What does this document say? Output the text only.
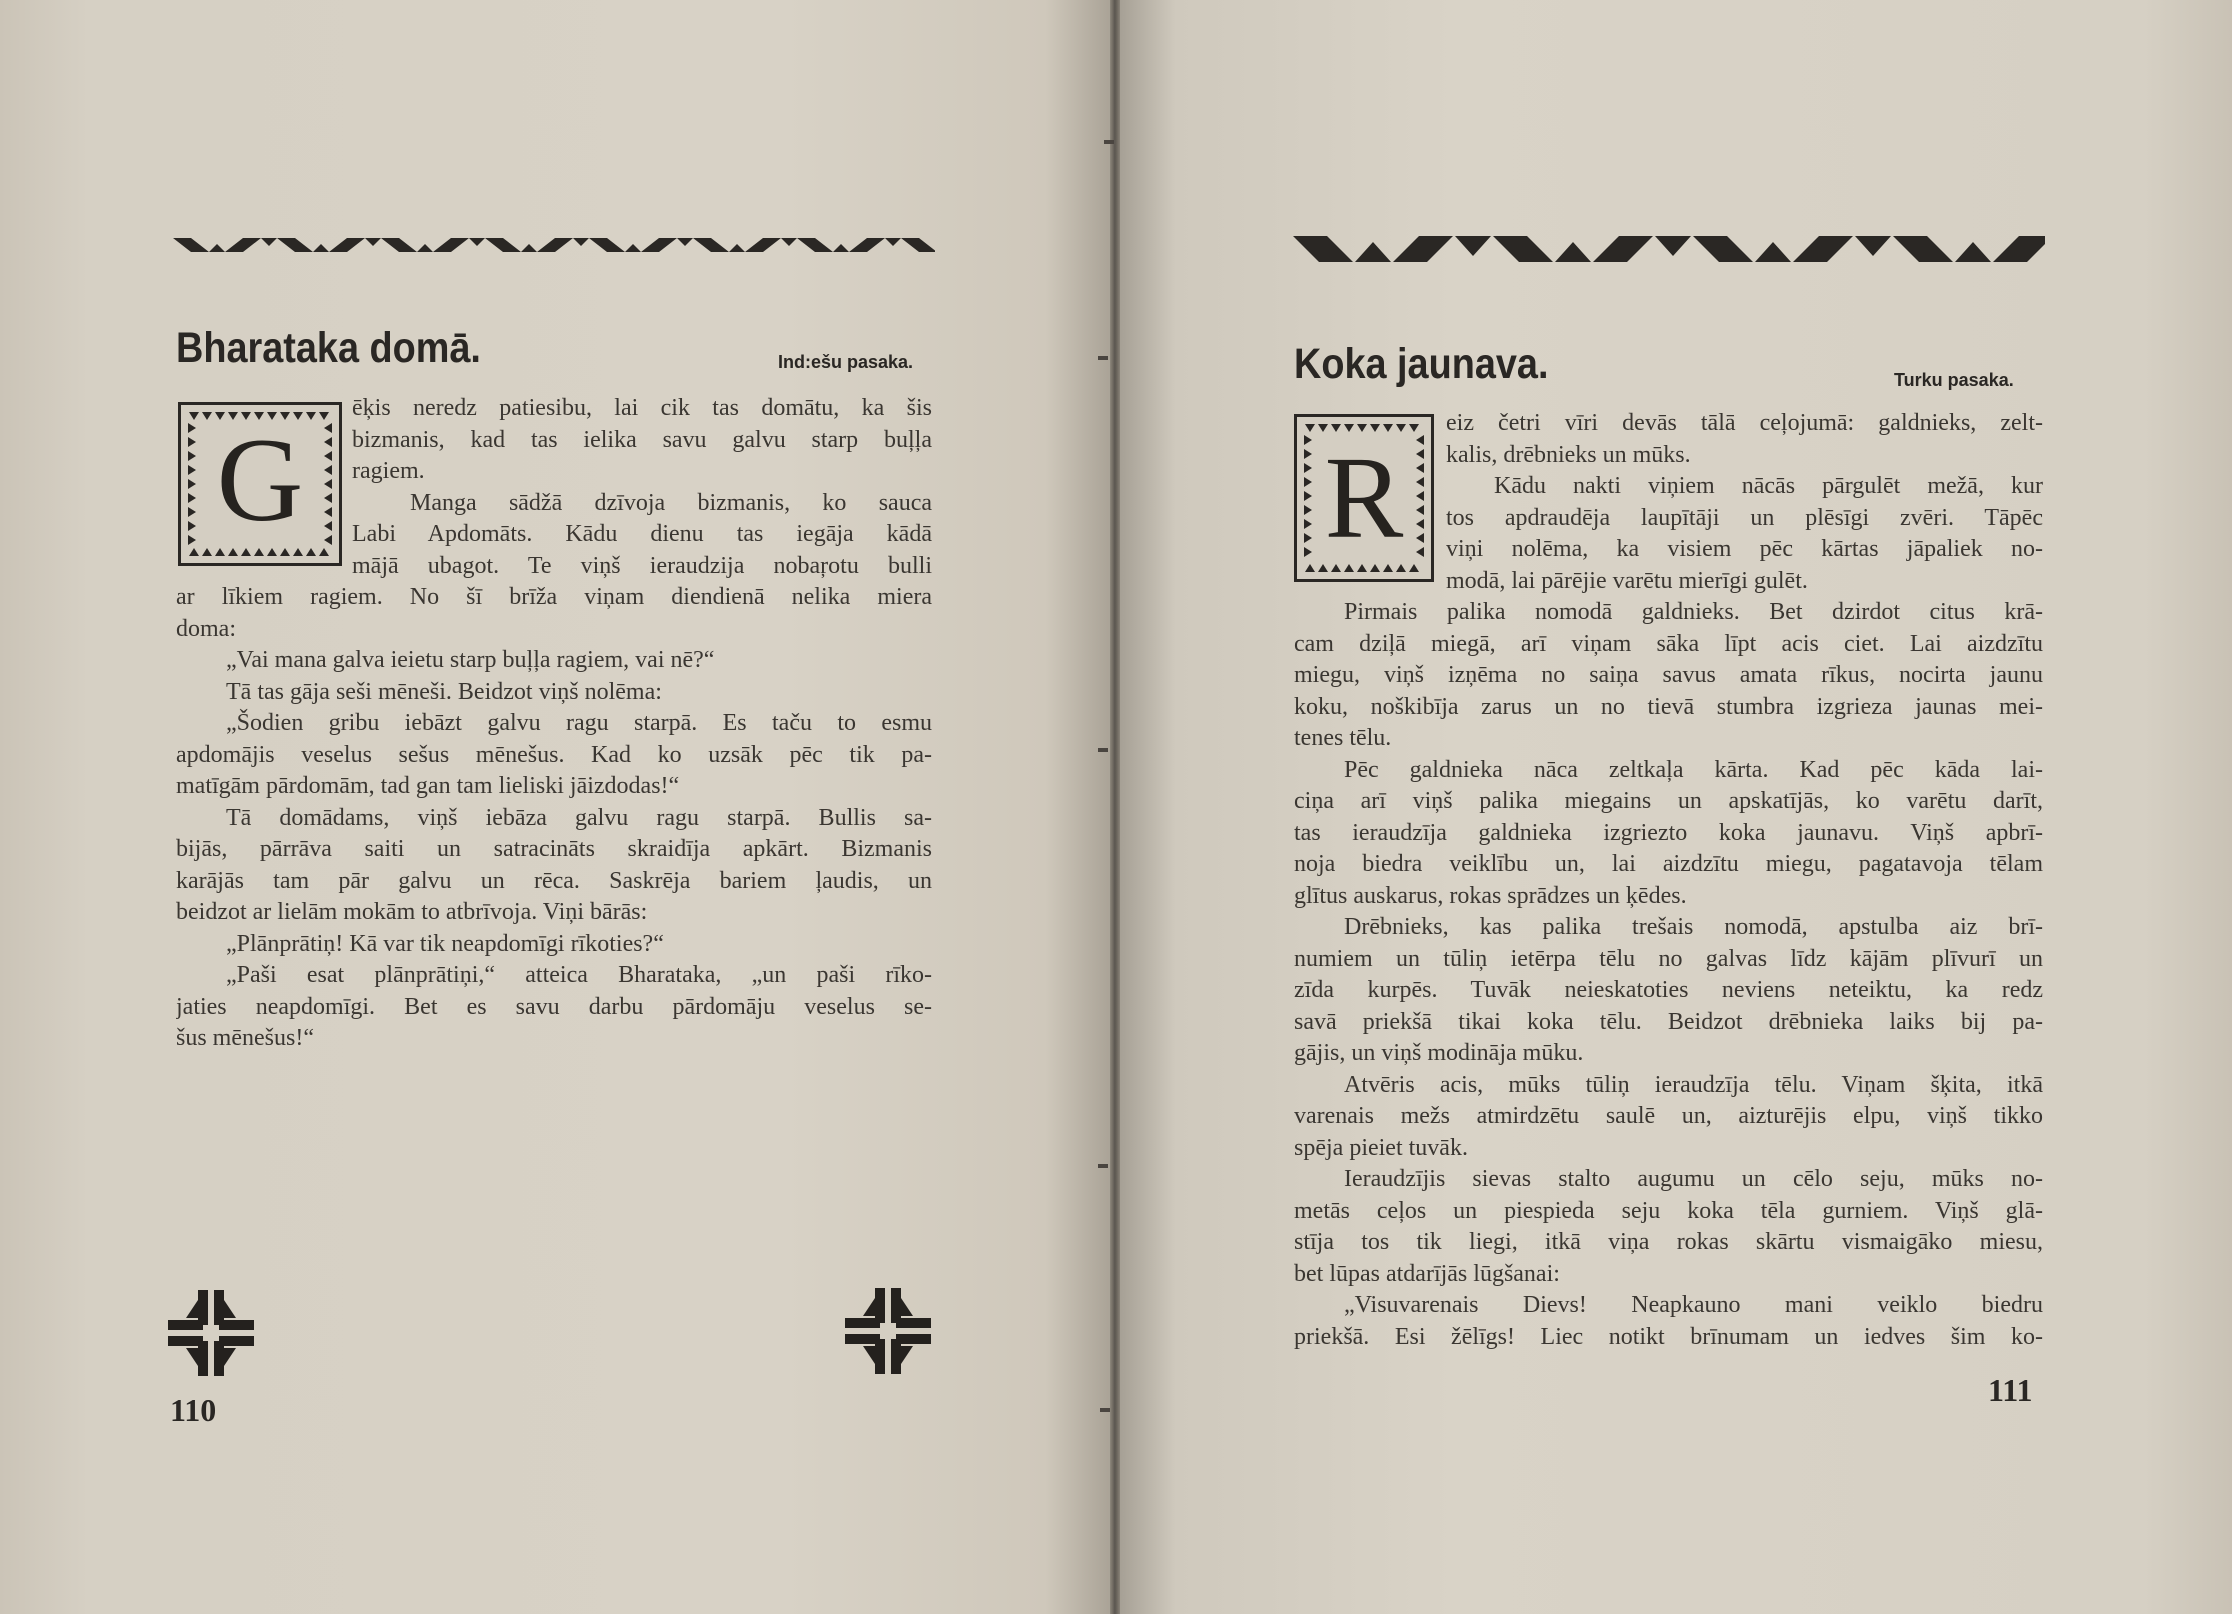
Bharataka domā.	Ind:ešu pasaka.
G
ēķis neredz patiesibu, lai cik tas domātu, ka šis
bizmanis, kad tas ielika savu galvu starp buļļa
ragiem.
Manga sādžā dzīvoja bizmanis, ko sauca
Labi Apdomāts. Kādu dienu tas iegāja kādā
mājā ubagot. Te viņš ieraudzija nobaŗotu bulli
ar līkiem ragiem. No šī brīža viņam diendienā nelika miera
doma:
„Vai mana galva ieietu starp buļļa ragiem, vai nē?“
Tā tas gāja seši mēneši. Beidzot viņš nolēma:
„Šodien gribu iebāzt galvu ragu starpā. Es taču to esmu
apdomājis veselus sešus mēnešus. Kad ko uzsāk pēc tik pa-
matīgām pārdomām, tad gan tam lieliski jāizdodas!“
Tā domādams, viņš iebāza galvu ragu starpā. Bullis sa-
bijās, pārrāva saiti un satracināts skraidīja apkārt. Bizmanis
karājās tam pār galvu un rēca. Saskrēja bariem ļaudis, un
beidzot ar lielām mokām to atbrīvoja. Viņi bārās:
„Plānprātiņ! Kā var tik neapdomīgi rīkoties?“
„Paši esat plānprātiņi,“ atteica Bharataka, „un paši rīko-
jaties neapdomīgi. Bet es savu darbu pārdomāju veselus se-
šus mēnešus!“
110
Koka jaunava.	Turku pasaka.
R
eiz četri vīri devās tālā ceļojumā: galdnieks, zelt-
kalis, drēbnieks un mūks.
Kādu nakti viņiem nācās pārgulēt mežā, kur
tos apdraudēja laupītāji un plēsīgi zvēri. Tāpēc
viņi nolēma, ka visiem pēc kārtas jāpaliek no-
modā, lai pārējie varētu mierīgi gulēt.
Pirmais palika nomodā galdnieks. Bet dzirdot citus krā-
cam dziļā miegā, arī viņam sāka līpt acis ciet. Lai aizdzītu
miegu, viņš izņēma no saiņa savus amata rīkus, nocirta jaunu
koku, noškibīja zarus un no tievā stumbra izgrieza jaunas mei-
tenes tēlu.
Pēc galdnieka nāca zeltkaļa kārta. Kad pēc kāda lai-
ciņa arī viņš palika miegains un apskatījās, ko varētu darīt,
tas ieraudzīja galdnieka izgriezto koka jaunavu. Viņš apbrī-
noja biedra veiklību un, lai aizdzītu miegu, pagatavoja tēlam
glītus auskarus, rokas sprādzes un ķēdes.
Drēbnieks, kas palika trešais nomodā, apstulba aiz brī-
numiem un tūliņ ietērpa tēlu no galvas līdz kājām plīvurī un
zīda kurpēs. Tuvāk neieskatoties neviens neteiktu, ka redz
savā priekšā tikai koka tēlu. Beidzot drēbnieka laiks bij pa-
gājis, un viņš modināja mūku.
Atvēris acis, mūks tūliņ ieraudzīja tēlu. Viņam šķita, itkā
varenais mežs atmirdzētu saulē un, aizturējis elpu, viņš tikko
spēja pieiet tuvāk.
Ieraudzījis sievas stalto augumu un cēlo seju, mūks no-
metās ceļos un piespieda seju koka tēla gurniem. Viņš glā-
stīja tos tik liegi, itkā viņa rokas skārtu vismaigāko miesu,
bet lūpas atdarījās lūgšanai:
„Visuvarenais Dievs! Neapkauno mani veiklo biedru
priekšā. Esi žēlīgs! Liec notikt brīnumam un iedves šim ko-
111
